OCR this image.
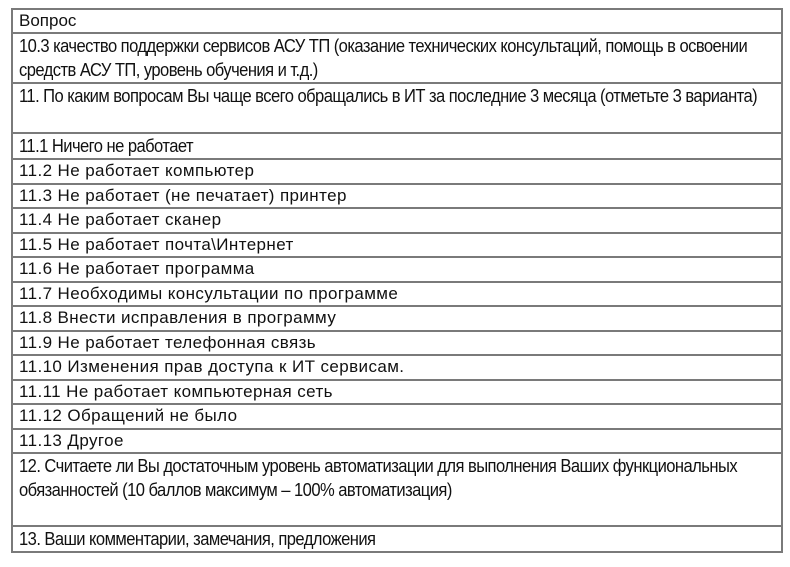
Вопрос
10.3 качество поддержки сервисов АСУ ТП (оказание технических консультаций, помощь в освоении средств АСУ ТП, уровень обучения и т.д.)
11. По каким вопросам Вы чаще всего обращались в ИТ за последние 3 месяца (отметьте 3 варианта)
11.1 Ничего не работает
11.2 Не работает компьютер
11.3 Не работает (не печатает) принтер
11.4 Не работает сканер
11.5 Не работает почта\Интернет
11.6 Не работает программа
11.7 Необходимы консультации по программе
11.8 Внести исправления в программу
11.9 Не работает телефонная связь
11.10 Изменения прав доступа к ИТ сервисам.
11.11 Не работает компьютерная сеть
11.12 Обращений не было
11.13 Другое
12. Считаете ли Вы достаточным уровень автоматизации для выполнения Ваших функциональных обязанностей (10 баллов максимум – 100% автоматизация)
13. Ваши комментарии, замечания, предложения
